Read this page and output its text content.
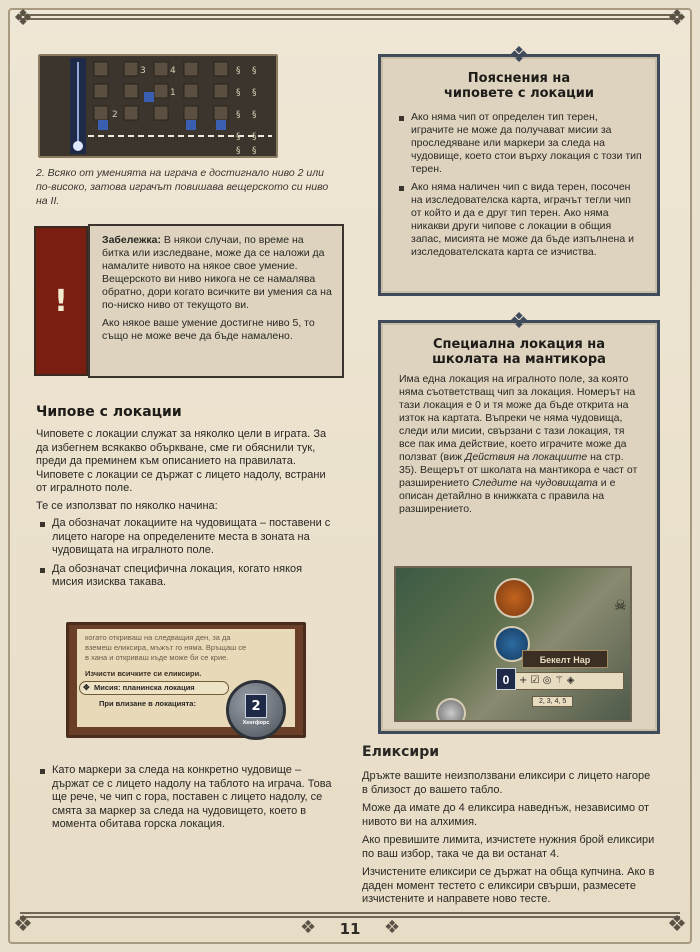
❖	❖
❖	❖
§ §
§ §
§ §
§ §
§ §
3	4
1
2

2. Всяко от уменията на играча е достигнало ниво 2 или по-високо, затова играчът повишава вещерското си ниво на II.

!

Забележка: В някои случаи, по време на битка или изследване, може да се наложи да намалите нивото на някое свое умение. Вещерското ви ниво никога не се намалява обратно, дори когато всичките ви умения са на по-ниско ниво от текущото ви.

Ако някое ваше умение достигне ниво 5, то също не може вече да бъде намалено.

Чипове с локации

Чиповете с локации служат за няколко цели в играта. За да избегнем всякакво объркване, сме ги обяснили тук, преди да преминем към описанието на правилата. Чиповете с локации се държат с лицето надолу, встрани от игралното поле.

Те се използват по няколко начина:

Да обозначат локациите на чудовищата – поставени с лицето нагоре на определените места в зоната на чудовищата на игралното поле.
Да обозначат специфична локация, когато някоя мисия изисква такава.
когато откриваш на следващия ден, за да
вземеш еликсира, мъжът го няма. Връщаш се
в хана и откриваш къде може би се крие.
Изчисти всичките си еликсири.
✥ Мисия: планинска локация
При влизане в локацията:	2
Хенгфорс
Като маркери за следа на конкретно чудовище – държат се с лицето надолу на таблото на играча. Това ще рече, че чип с гора, поставен с лицето надолу, се смята за маркер за следа на чудовището, което в момента обитава горска локация.
❖
Пояснения на
чиповете с локации
Ако няма чип от определен тип терен, играчите не може да получават мисии за проследяване или маркери за следа на чудовище, което стои върху локация с този тип терен.
Ако няма наличен чип с вида терен, посочен на изследователска карта, играчът тегли чип от който и да е друг тип терен. Ако няма никакви други чипове с локации в общия запас, мисията не може да бъде изпълнена и изследователската карта се изчиства.
❖
Специална локация на
школата на мантикора

Има една локация на игралното поле, за която няма съответстващ чип за локация. Номерът на тази локация е 0 и тя може да бъде открита на изток на картата. Въпреки че няма чудовища, следи или мисии, свързани с тази локация, тя все пак има действие, което играчите може да ползват (виж Действия на локациите на стр. 35). Вещерът от школата на мантикора е част от разширението Следите на чудовищата и е описан детайлно в книжката с правила на разширението.

Бекелт Нар
+ ☑ ◎ ⚚ ◈
0
2, 3, 4, 5
☠
Еликсири

Дръжте вашите неизползвани еликсири с лицето нагоре в близост до вашето табло.

Може да имате до 4 еликсира наведнъж, независимо от нивото ви на алхимия.

Ако превишите лимита, изчистете нужния брой еликсири по ваш избор, така че да ви останат 4.

Изчистените еликсири се държат на обща купчина. Ако в даден момент тестето с еликсири свърши, размесете изчистените и направете ново тесте.

❖	11	❖
